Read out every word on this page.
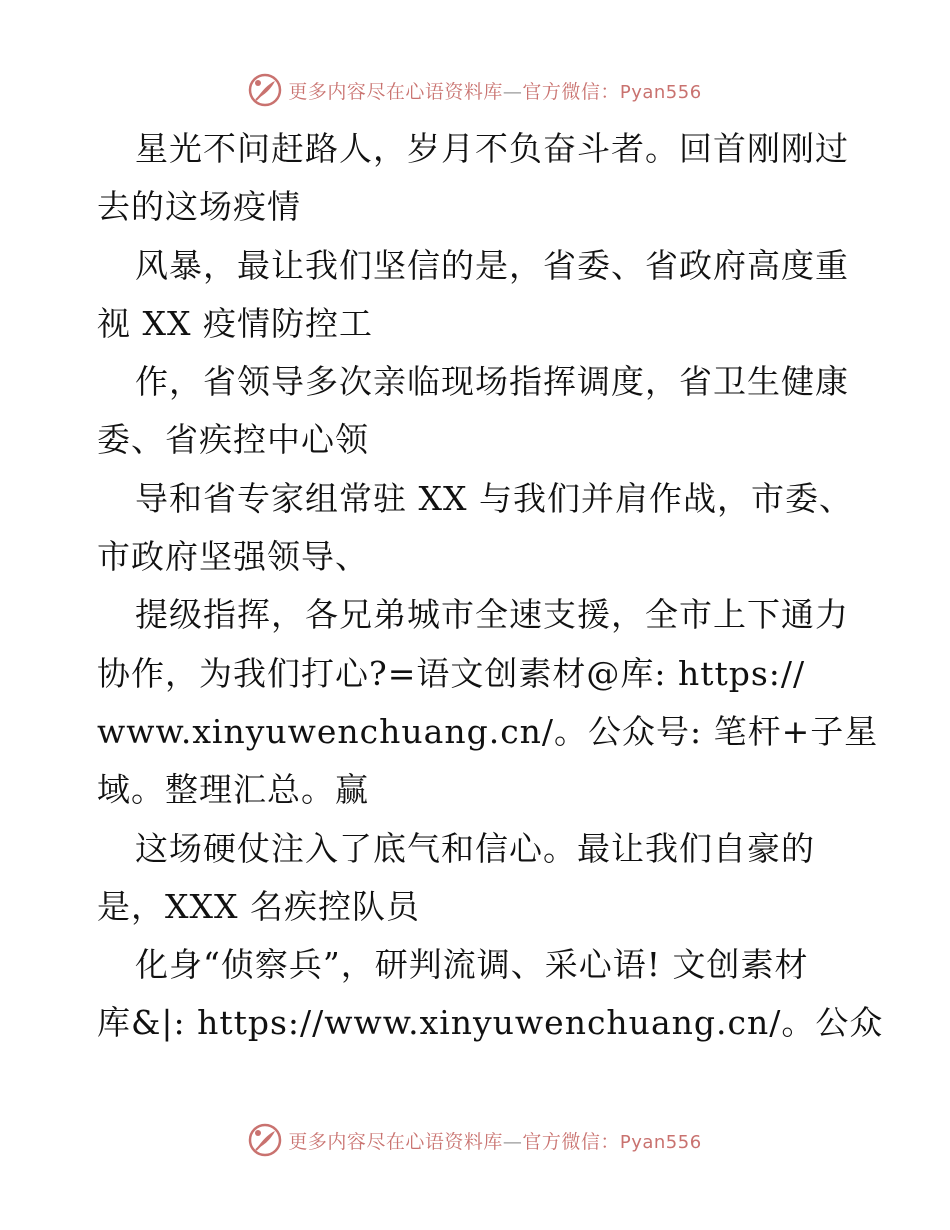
更多内容尽在心语资料库—官方微信：Pyan556
星光不问赶路人，岁月不负奋斗者。回首刚刚过
去的这场疫情
风暴，最让我们坚信的是，省委、省政府高度重
视 XX 疫情防控工
作，省领导多次亲临现场指挥调度，省卫生健康
委、省疾控中心领
导和省专家组常驻 XX 与我们并肩作战，市委、
市政府坚强领导、
提级指挥，各兄弟城市全速支援，全市上下通力
协作，为我们打心?=语文创素材@库: https://
www.xinyuwenchuang.cn/。公众号: 笔杆+子星
域。整理汇总。赢
这场硬仗注入了底气和信心。最让我们自豪的
是，XXX 名疾控队员
化身“侦察兵”，研判流调、采心语! 文创素材
库&|: https://www.xinyuwenchuang.cn/。公众
更多内容尽在心语资料库—官方微信：Pyan556
